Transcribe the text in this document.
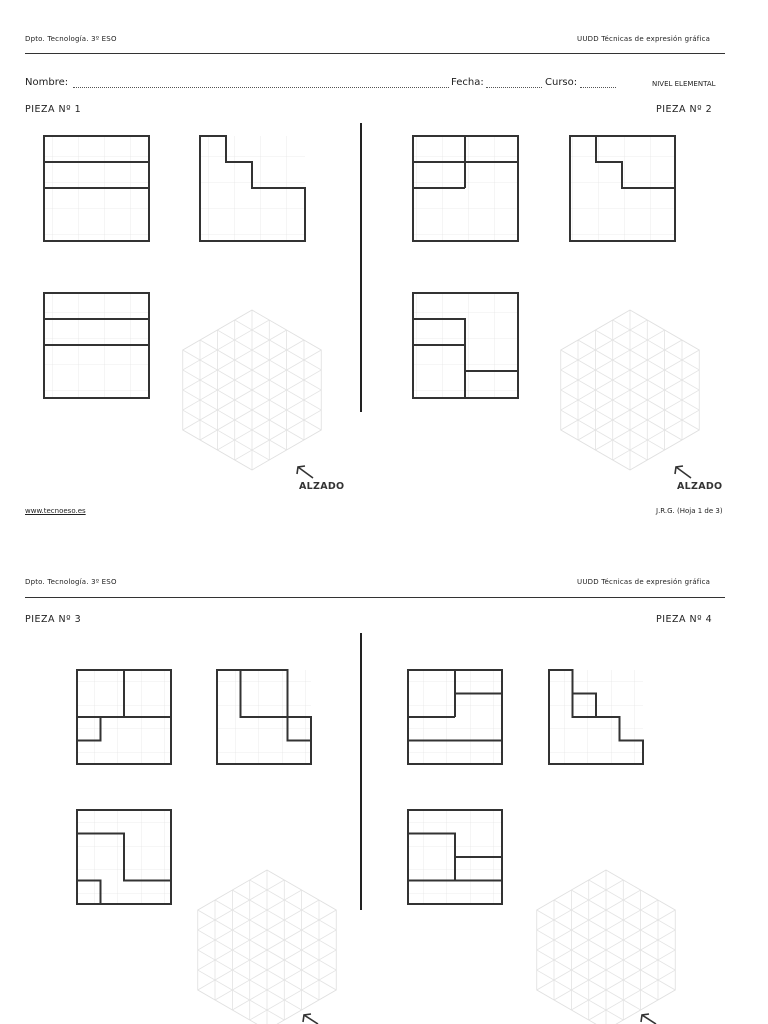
Dpto. Tecnología. 3º ESO	UUDD Técnicas de expresión gráfica
Nombre:	Fecha:	Curso:	NIVEL ELEMENTAL
PIEZA Nº 1	PIEZA Nº 2
ALZADO	ALZADO
www.tecnoeso.es	J.R.G. (Hoja 1 de 3)
Dpto. Tecnología. 3º ESO	UUDD Técnicas de expresión gráfica
PIEZA Nº 3	PIEZA Nº 4
